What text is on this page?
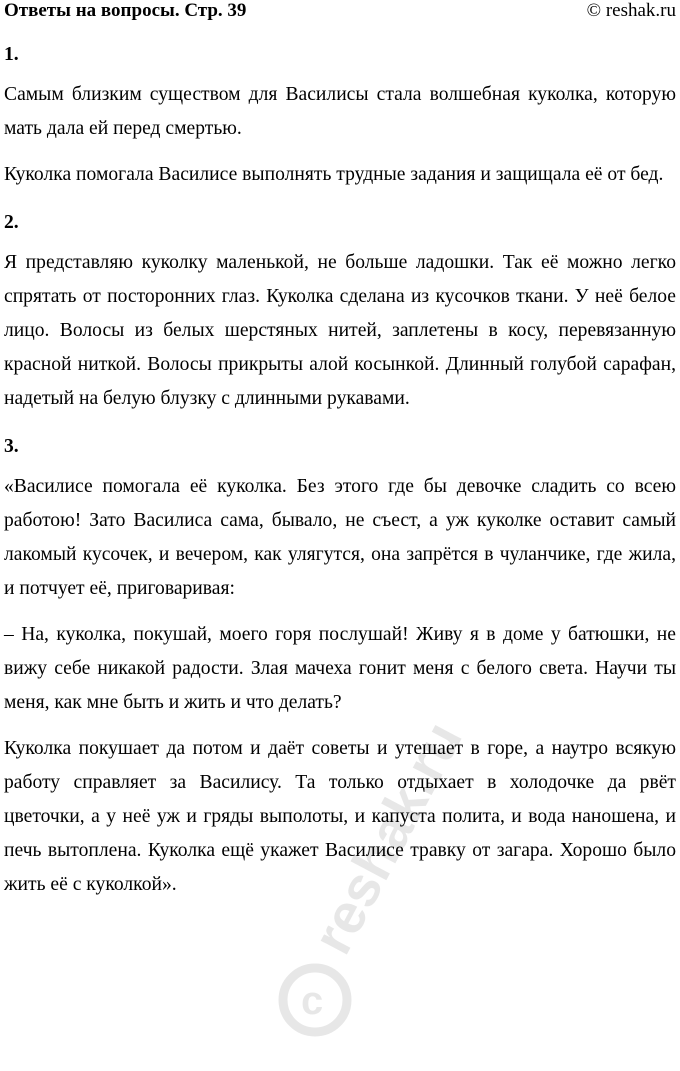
Ответы на вопросы. Стр. 39	© reshak.ru

1.

Самым близким существом для Василисы стала волшебная куколка, которую мать дала ей перед смертью.

Куколка помогала Василисе выполнять трудные задания и защищала её от бед.

2.

Я представляю куколку маленькой, не больше ладошки. Так её можно легко спрятать от посторонних глаз. Куколка сделана из кусочков ткани. У неё белое лицо. Волосы из белых шерстяных нитей, заплетены в косу, перевязанную красной ниткой. Волосы прикрыты алой косынкой. Длинный голубой сарафан, надетый на белую блузку с длинными рукавами.

3.

«Василисе помогала её куколка. Без этого где бы девочке сладить со всею работою! Зато Василиса сама, бывало, не съест, а уж куколке оставит самый лакомый кусочек, и вечером, как улягутся, она запрётся в чуланчике, где жила, и потчует её, приговаривая:

– На, куколка, покушай, моего горя послушай! Живу я в доме у батюшки, не вижу себе никакой радости. Злая мачеха гонит меня с белого света. Научи ты меня, как мне быть и жить и что делать?

Куколка покушает да потом и даёт советы и утешает в горе, а наутро всякую работу справляет за Василису. Та только отдыхает в холодочке да рвёт цветочки, а у неё уж и гряды выполоты, и капуста полита, и вода наношена, и печь вытоплена. Куколка ещё укажет Василисе травку от загара. Хорошо было жить её с куколкой».

c
reshak.ru
